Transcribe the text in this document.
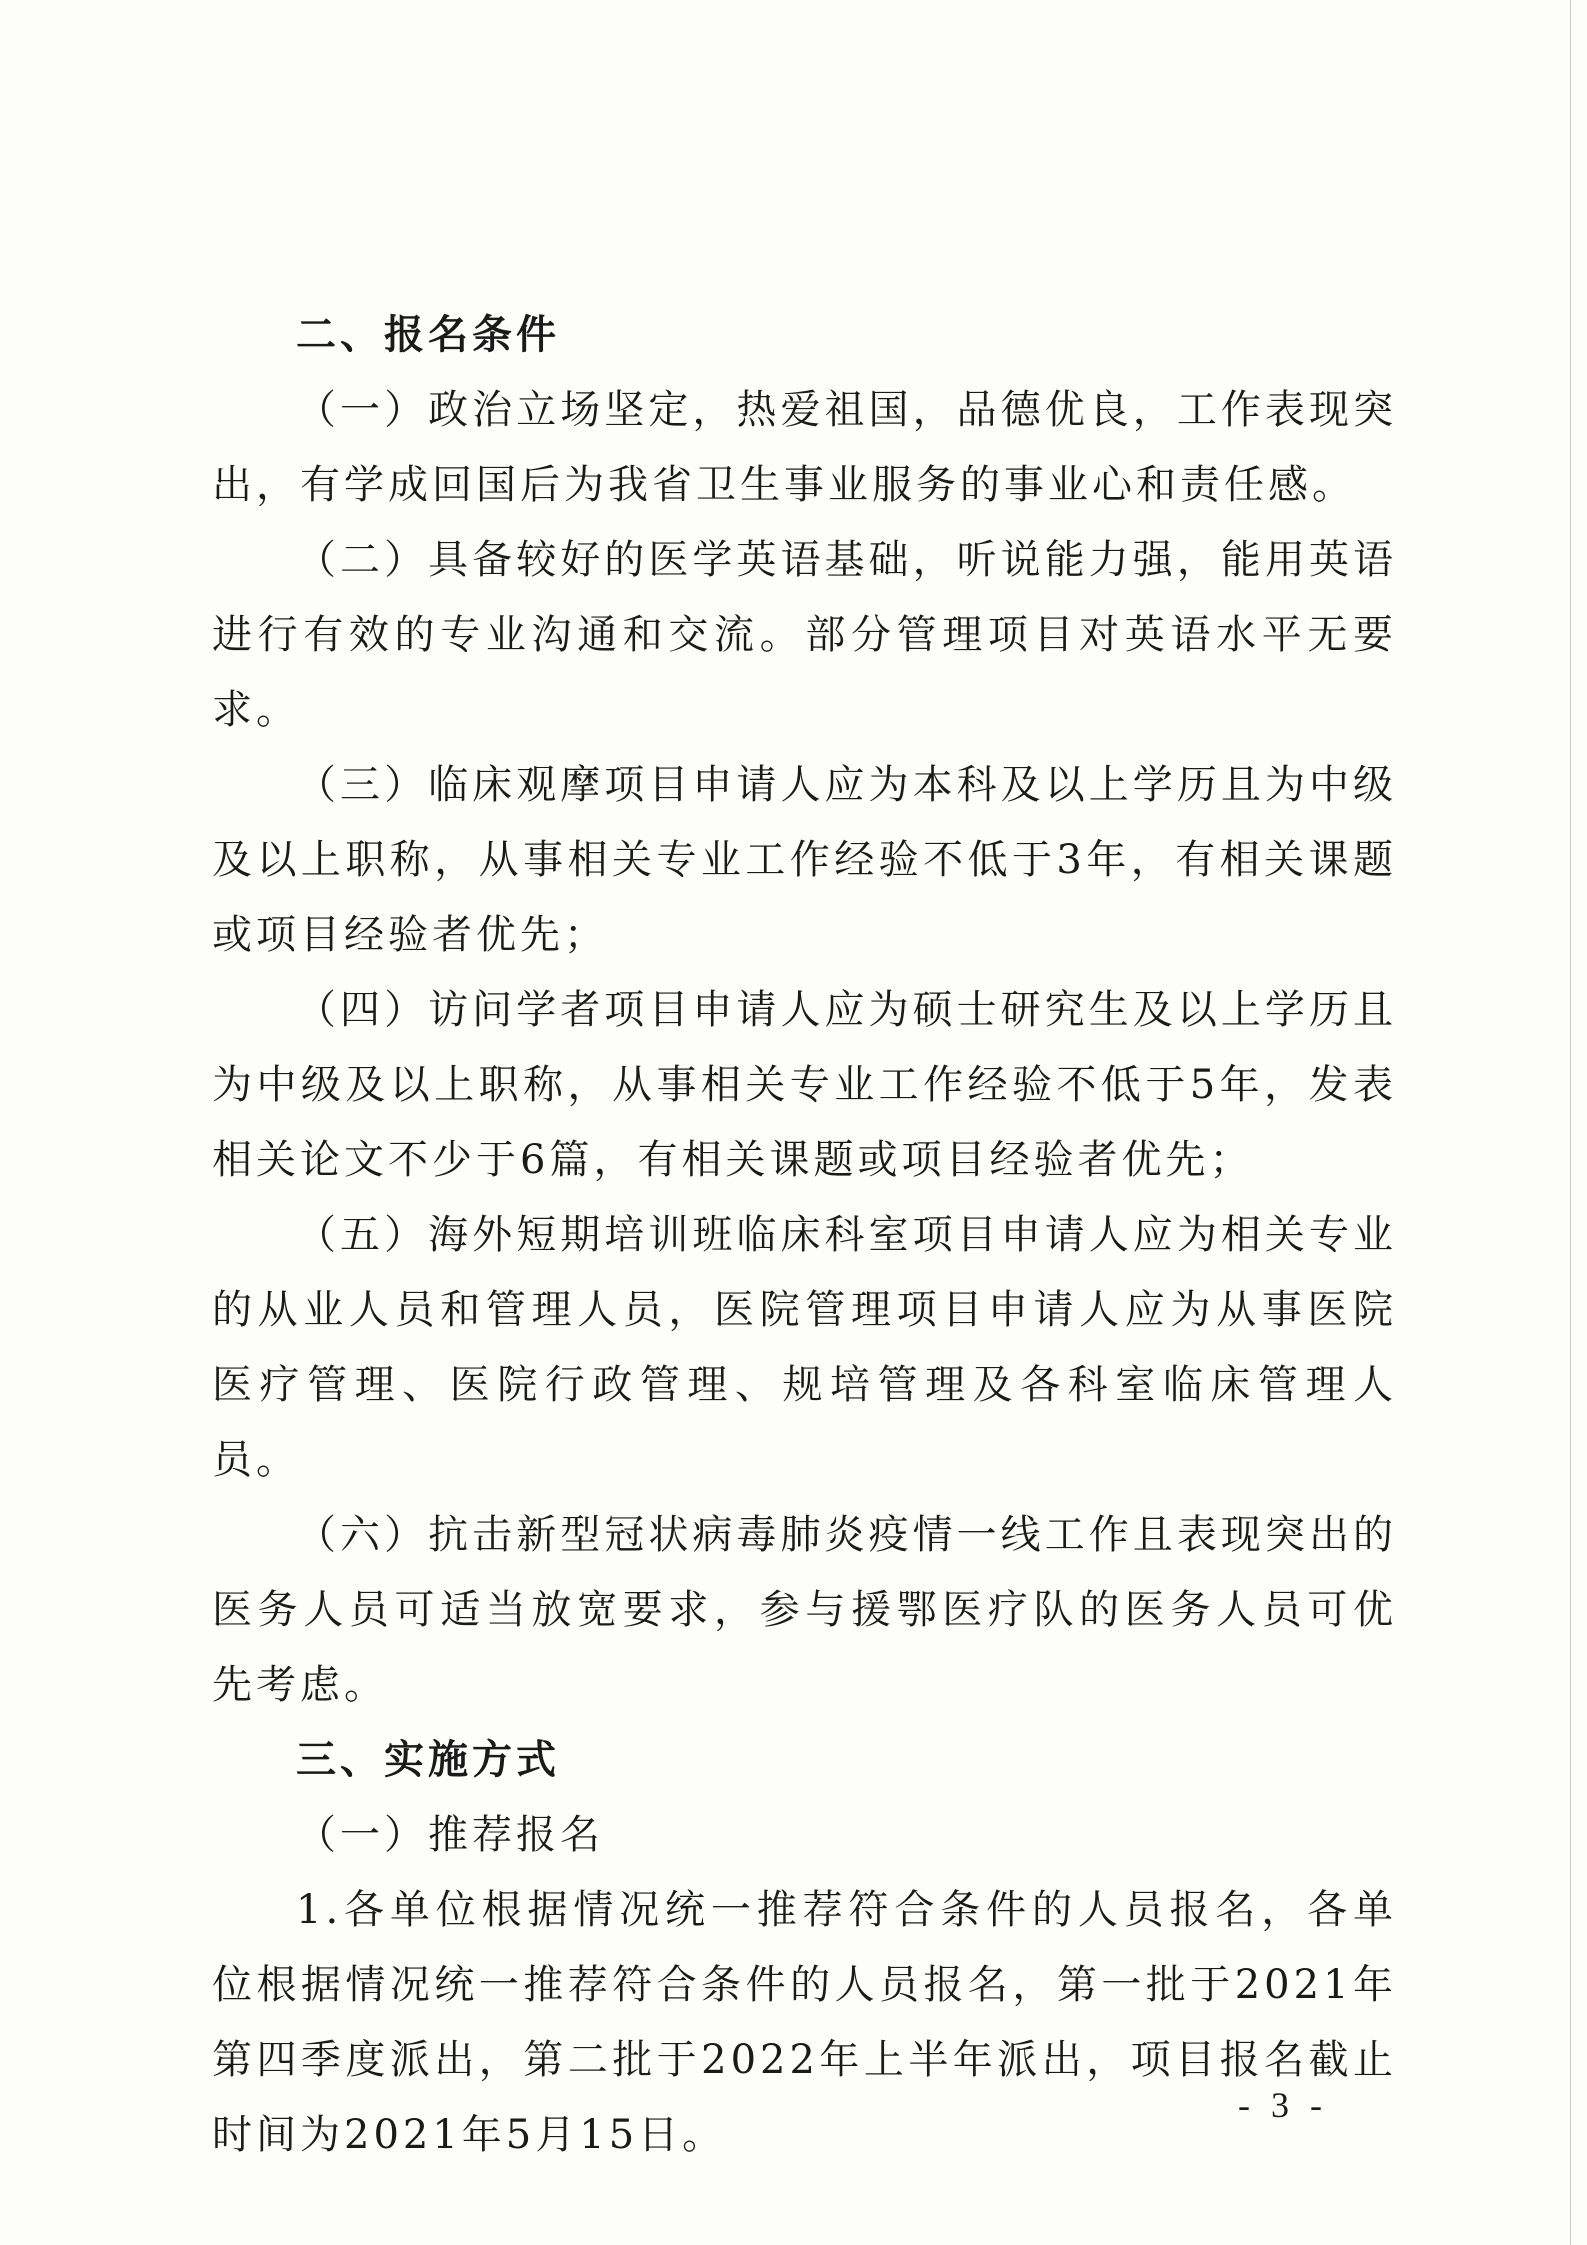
二、报名条件

（一）政治立场坚定，热爱祖国，品德优良，工作表现突出，有学成回国后为我省卫生事业服务的事业心和责任感。

（二）具备较好的医学英语基础，听说能力强，能用英语进行有效的专业沟通和交流。部分管理项目对英语水平无要求。

（三）临床观摩项目申请人应为本科及以上学历且为中级及以上职称，从事相关专业工作经验不低于3年，有相关课题或项目经验者优先；

（四）访问学者项目申请人应为硕士研究生及以上学历且为中级及以上职称，从事相关专业工作经验不低于5年，发表相关论文不少于6篇，有相关课题或项目经验者优先；

（五）海外短期培训班临床科室项目申请人应为相关专业的从业人员和管理人员，医院管理项目申请人应为从事医院医疗管理、医院行政管理、规培管理及各科室临床管理人员。

（六）抗击新型冠状病毒肺炎疫情一线工作且表现突出的医务人员可适当放宽要求，参与援鄂医疗队的医务人员可优先考虑。

三、实施方式

（一）推荐报名

1.各单位根据情况统一推荐符合条件的人员报名，各单位根据情况统一推荐符合条件的人员报名，第一批于2021年第四季度派出，第二批于2022年上半年派出，项目报名截止时间为2021年5月15日。

- 3 -
